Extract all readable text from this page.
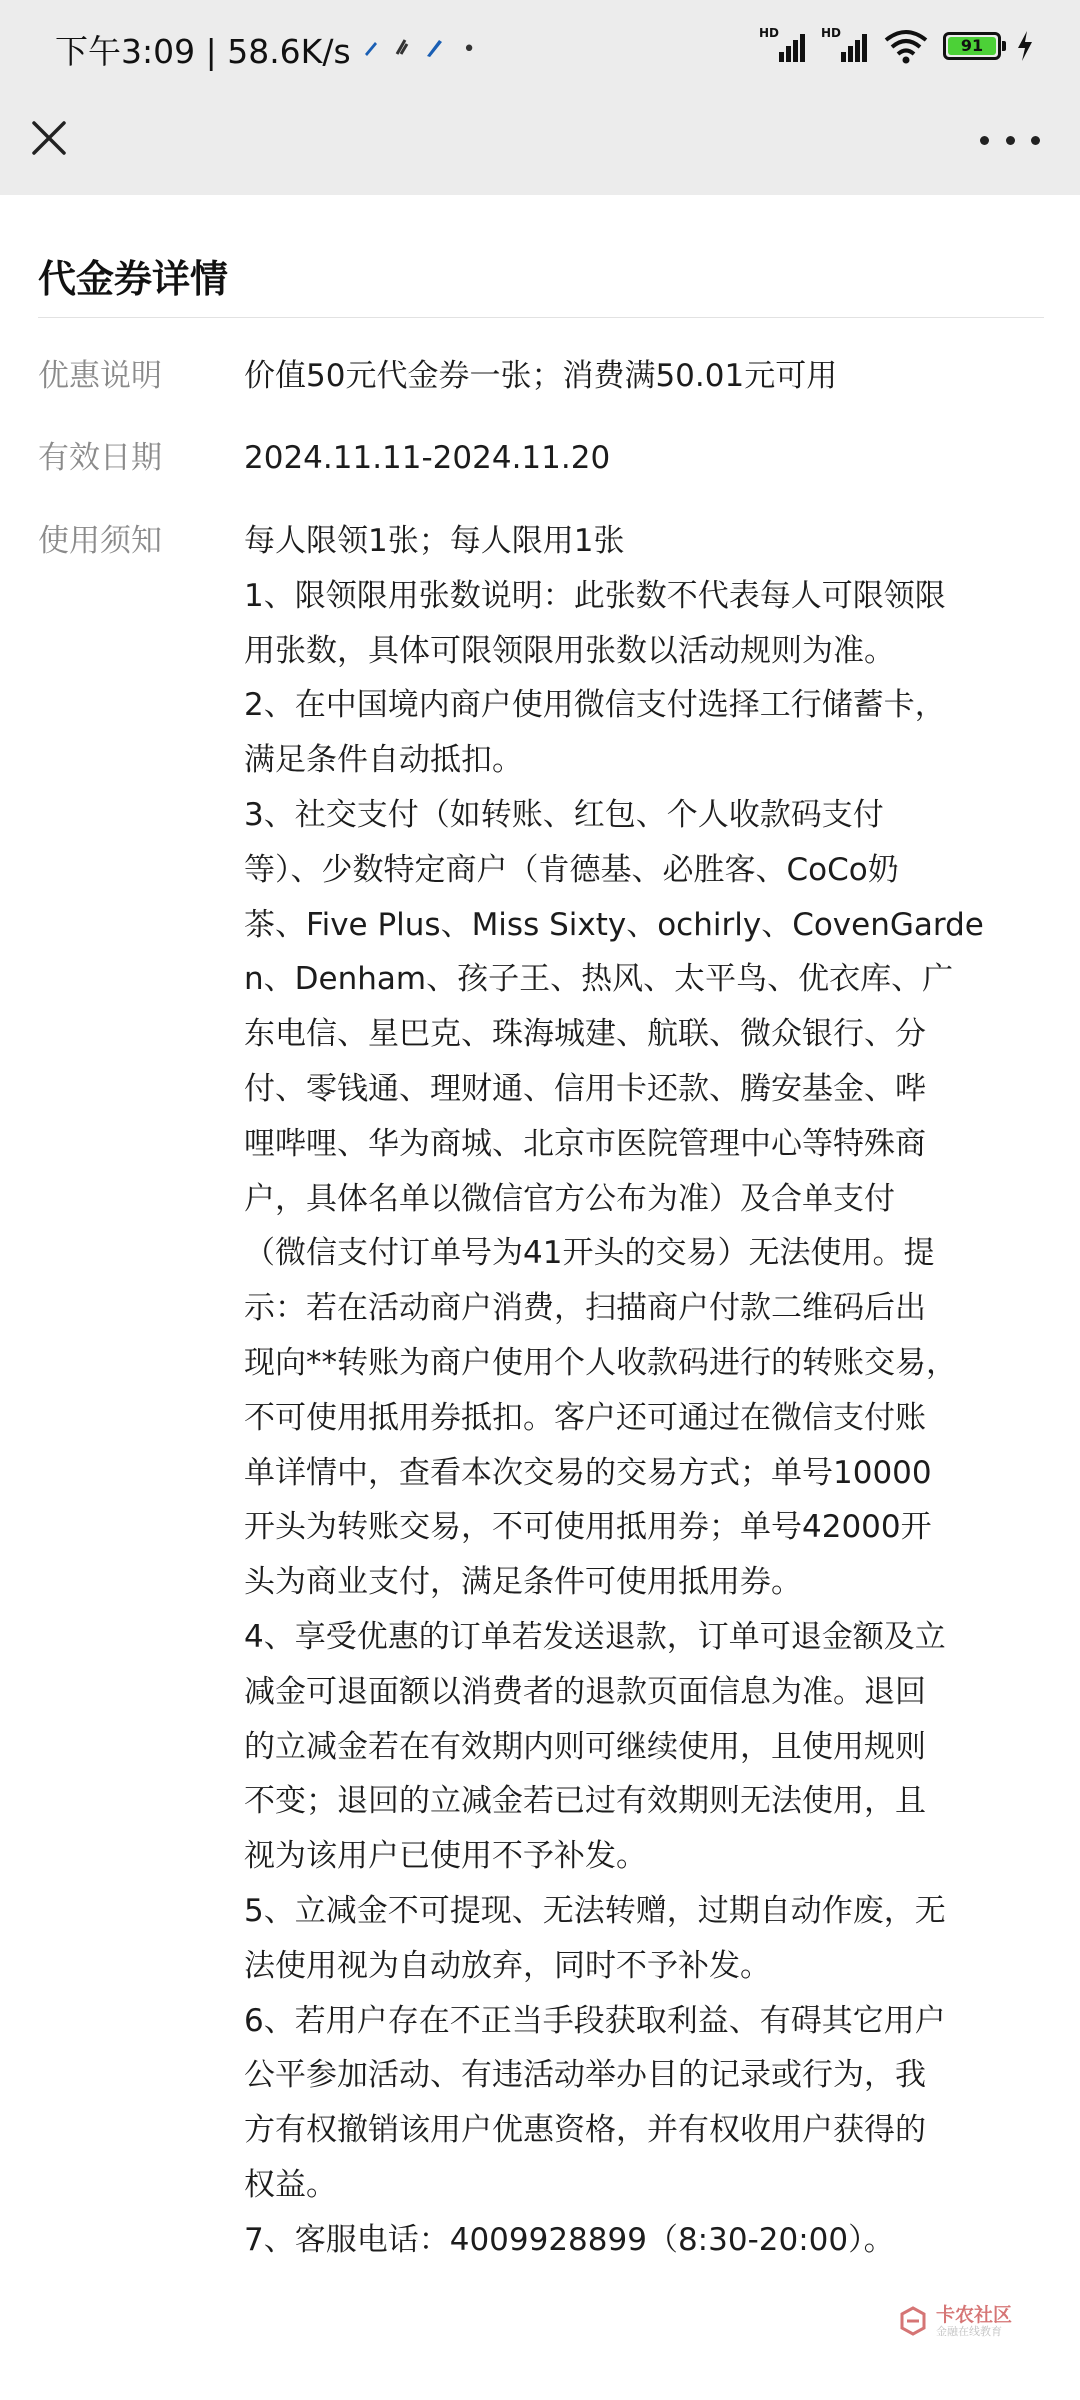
下午3:09 | 58.6K/s	•
HD	HD
91
代金券详情
优惠说明	价值50元代金券一张；消费满50.01元可用
有效日期	2024.11.11-2024.11.20
使用须知	每人限领1张；每人限用1张

1、限领限用张数说明：此张数不代表每人可限领限

用张数，具体可限领限用张数以活动规则为准。

2、在中国境内商户使用微信支付选择工行储蓄卡，

满足条件自动抵扣。

3、社交支付（如转账、红包、个人收款码支付

等）、少数特定商户（肯德基、必胜客、CoCo奶

茶、Five Plus、Miss Sixty、ochirly、CovenGarde

n、Denham、孩子王、热风、太平鸟、优衣库、广

东电信、星巴克、珠海城建、航联、微众银行、分

付、零钱通、理财通、信用卡还款、腾安基金、哔

哩哔哩、华为商城、北京市医院管理中心等特殊商

户，具体名单以微信官方公布为准）及合单支付

（微信支付订单号为41开头的交易）无法使用。提

示：若在活动商户消费，扫描商户付款二维码后出

现向**转账为商户使用个人收款码进行的转账交易，

不可使用抵用券抵扣。客户还可通过在微信支付账

单详情中，查看本次交易的交易方式；单号10000

开头为转账交易，不可使用抵用券；单号42000开

头为商业支付，满足条件可使用抵用券。

4、享受优惠的订单若发送退款，订单可退金额及立

减金可退面额以消费者的退款页面信息为准。退回

的立减金若在有效期内则可继续使用，且使用规则

不变；退回的立减金若已过有效期则无法使用，且

视为该用户已使用不予补发。

5、立减金不可提现、无法转赠，过期自动作废，无

法使用视为自动放弃，同时不予补发。

6、若用户存在不正当手段获取利益、有碍其它用户

公平参加活动、有违活动举办目的记录或行为，我

方有权撤销该用户优惠资格，并有权收用户获得的

权益。

7、客服电话：4009928899（8:30-20:00）。

卡农社区
金融在线教育
